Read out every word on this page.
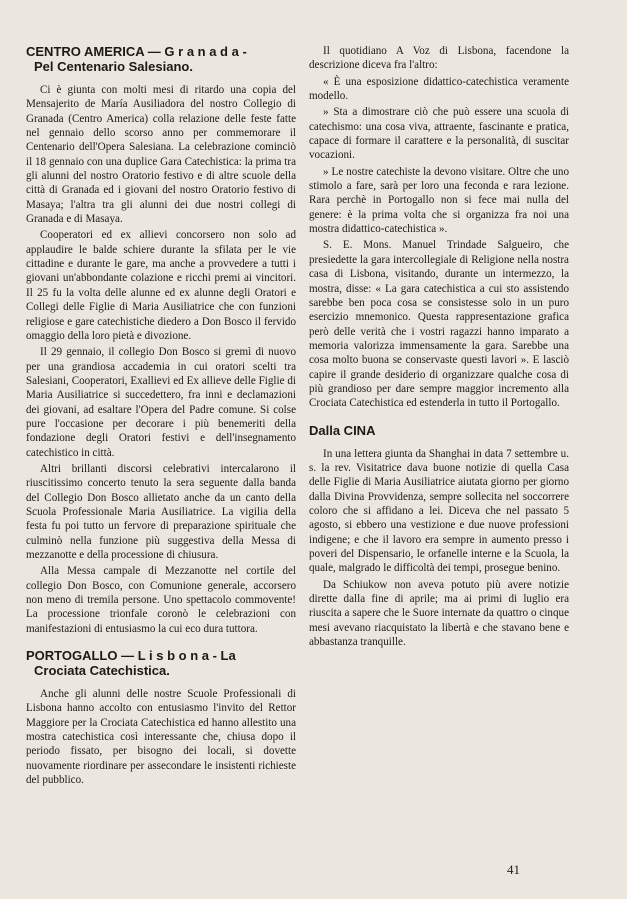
CENTRO AMERICA — G r a n a d a -
Pel Centenario Salesiano.

Ci è giunta con molti mesi di ritardo una copia del Mensajerito de María Ausiliadora del nostro Collegio di Granada (Centro America) colla relazione delle feste fatte nel gennaio dello scorso anno per commemorare il Centenario dell'Opera Salesiana. La celebrazione cominciò il 18 gennaio con una duplice Gara Catechistica: la prima tra gli alunni del nostro Oratorio festivo e di altre scuole della città di Granada ed i giovani del nostro Oratorio festivo di Masaya; l'altra tra gli alunni dei due nostri collegi di Granada e di Masaya.

Cooperatori ed ex allievi concorsero non solo ad applaudire le balde schiere durante la sfilata per le vie cittadine e durante le gare, ma anche a provvedere a tutti i giovani un'abbondante colazione e ricchi premi ai vincitori. Il 25 fu la volta delle alunne ed ex alunne degli Oratori e Collegi delle Figlie di Maria Ausiliatrice che con funzioni religiose e gare catechistiche diedero a Don Bosco il fervido omaggio della loro pietà e divozione.

Il 29 gennaio, il collegio Don Bosco si gremì di nuovo per una grandiosa accademia in cui oratori scelti tra Salesiani, Cooperatori, Exallievi ed Ex allieve delle Figlie di Maria Ausiliatrice si succedettero, fra inni e declamazioni dei giovani, ad esaltare l'Opera del Padre comune. Si colse pure l'occasione per decorare i più benemeriti della fondazione degli Oratori festivi e dell'insegnamento catechistico in città.

Altri brillanti discorsi celebrativi intercalarono il riuscitissimo concerto tenuto la sera seguente dalla banda del Collegio Don Bosco allietato anche da un canto della Scuola Professionale Maria Ausiliatrice. La vigilia della festa fu poi tutto un fervore di preparazione spirituale che culminò nella funzione più suggestiva della Messa di mezzanotte e della processione di chiusura.

Alla Messa campale di Mezzanotte nel cortile del collegio Don Bosco, con Comunione generale, accorsero non meno di tremila persone. Uno spettacolo commovente! La processione trionfale coronò le celebrazioni con manifestazioni di entusiasmo la cui eco dura tuttora.

PORTOGALLO — L i s b o n a - La
Crociata Catechistica.

Anche gli alunni delle nostre Scuole Professionali di Lisbona hanno accolto con entusiasmo l'invito del Rettor Maggiore per la Crociata Catechistica ed hanno allestito una mostra catechistica così interessante che, chiusa dopo il periodo fissato, per bisogno dei locali, si dovette nuovamente riordinare per assecondare le insistenti richieste del pubblico.

Il quotidiano A Voz di Lisbona, facendone la descrizione diceva fra l'altro:

« È una esposizione didattico-catechistica veramente modello.

» Sta a dimostrare ciò che può essere una scuola di catechismo: una cosa viva, attraente, fascinante e pratica, capace di formare il carattere e la personalità, di suscitar vocazioni.

» Le nostre catechiste la devono visitare. Oltre che uno stimolo a fare, sarà per loro una feconda e rara lezione. Rara perchè in Portogallo non si fece mai nulla del genere: è la prima volta che si organizza fra noi una mostra didattico-catechistica ».

S. E. Mons. Manuel Trindade Salgueiro, che presiedette la gara intercollegiale di Religione nella nostra casa di Lisbona, visitando, durante un intermezzo, la mostra, disse: « La gara catechistica a cui sto assistendo sarebbe ben poca cosa se consistesse solo in un puro esercizio mnemonico. Questa rappresentazione grafica però delle verità che i vostri ragazzi hanno imparato a memoria valorizza immensamente la gara. Sarebbe una cosa molto buona se conservaste questi lavori ». E lasciò capire il grande desiderio di organizzare qualche cosa di più grandioso per dare sempre maggior incremento alla Crociata Catechistica ed estenderla in tutto il Portogallo.

Dalla CINA

In una lettera giunta da Shanghai in data 7 settembre u. s. la rev. Visitatrice dava buone notizie di quella Casa delle Figlie di Maria Ausiliatrice aiutata giorno per giorno dalla Divina Provvidenza, sempre sollecita nel soccorrere coloro che si affidano a lei. Diceva che nel passato 5 agosto, si ebbero una vestizione e due nuove professioni indigene; e che il lavoro era sempre in aumento presso i poveri del Dispensario, le orfanelle interne e la Scuola, la quale, malgrado le difficoltà dei tempi, prosegue benino.

Da Schiukow non aveva potuto più avere notizie dirette dalla fine di aprile; ma ai primi di luglio era riuscita a sapere che le Suore internate da quattro o cinque mesi avevano riacquistato la libertà e che stavano bene e abbastanza tranquille.

41
